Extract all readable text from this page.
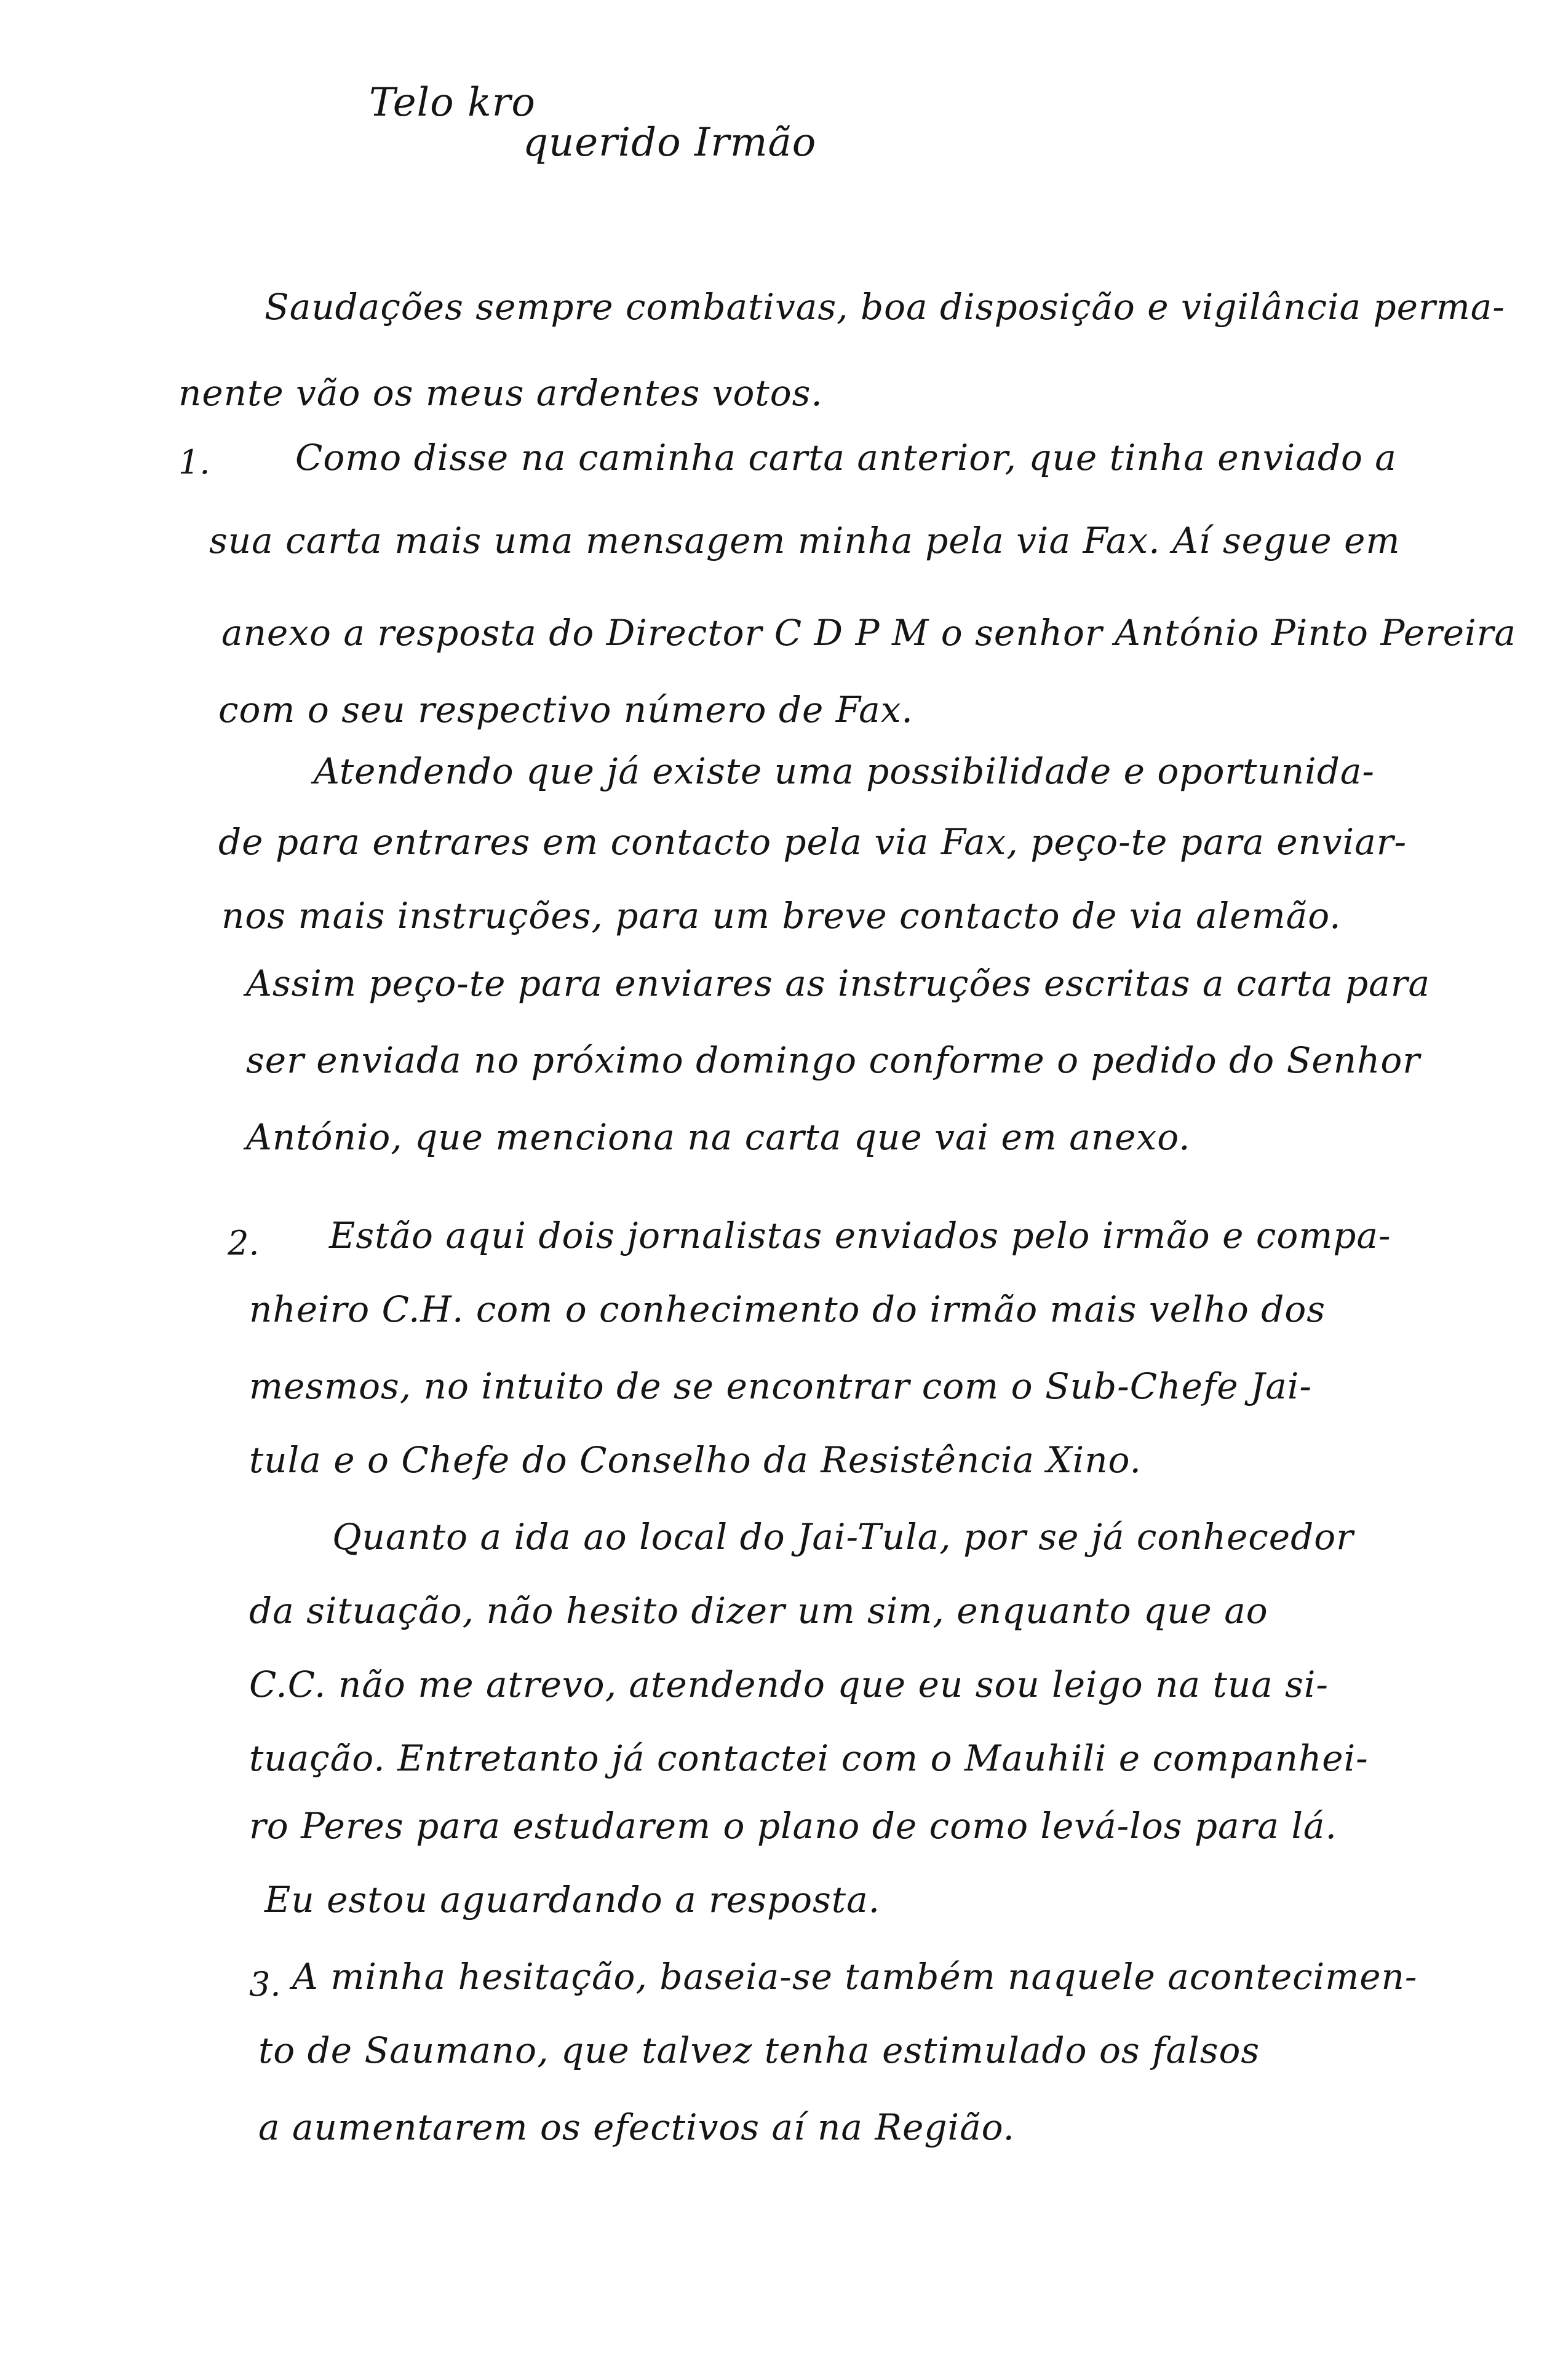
Telo kro
querido Irmão
Saudações sempre combativas, boa disposição e vigilância perma-
nente vão os meus ardentes votos.
1. Como disse na caminha carta anterior, que tinha enviado a
sua carta mais uma mensagem minha pela via Fax. Aí segue em
anexo a resposta do Director C D P M o senhor António Pinto Pereira
com o seu respectivo número de Fax.
Atendendo que já existe uma possibilidade e oportunida-
de para entrares em contacto pela via Fax, peço-te para enviar-
nos mais instruções, para um breve contacto de via alemão.
Assim peço-te para enviares as instruções escritas a carta para
ser enviada no próximo domingo conforme o pedido do Senhor
António, que menciona na carta que vai em anexo.
2. Estão aqui dois jornalistas enviados pelo irmão e compa-
nheiro C.H. com o conhecimento do irmão mais velho dos
mesmos, no intuito de se encontrar com o Sub-Chefe Jai-
tula e o Chefe do Conselho da Resistência Xino.
Quanto a ida ao local do Jai-Tula, por se já conhecedor
da situação, não hesito dizer um sim, enquanto que ao
C.C. não me atrevo, atendendo que eu sou leigo na tua si-
tuação. Entretanto já contactei com o Mauhili e companhei-
ro Peres para estudarem o plano de como levá-los para lá.
Eu estou aguardando a resposta.
3. A minha hesitação, baseia-se também naquele acontecimen-
to de Saumano, que talvez tenha estimulado os falsos
a aumentarem os efectivos aí na Região.
